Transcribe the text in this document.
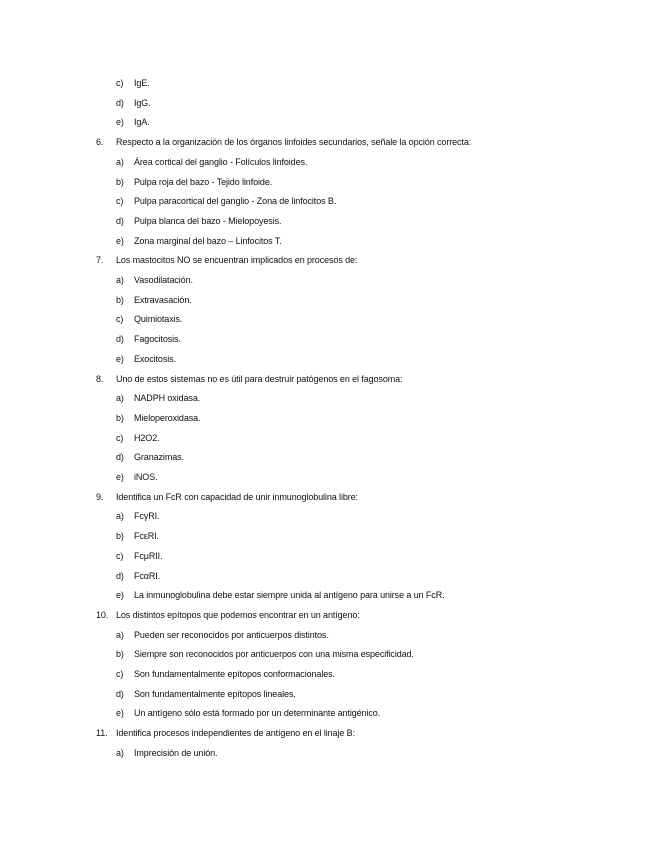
c) IgE.
d) IgG.
e) IgA.
6. Respecto a la organización de los órganos linfoides secundarios, señale la opción correcta:
a) Área cortical del ganglio - Folículos linfoides.
b) Pulpa roja del bazo - Tejido linfoide.
c) Pulpa paracortical del ganglio - Zona de linfocitos B.
d) Pulpa blanca del bazo - Mielopoyesis.
e) Zona marginal del bazo – Linfocitos T.
7. Los mastocitos NO se encuentran implicados en procesos de:
a) Vasodilatación.
b) Extravasación.
c) Quimiotaxis.
d) Fagocitosis.
e) Exocitosis.
8. Uno de estos sistemas no es útil para destruir patógenos en el fagosoma:
a) NADPH oxidasa.
b) Mieloperoxidasa.
c) H2O2.
d) Granazimas.
e) iNOS.
9. Identifica un FcR con capacidad de unir inmunoglobulina libre:
a) FcγRI.
b) FcεRI.
c) FcμRII.
d) FcαRI.
e) La inmunoglobulina debe estar siempre unida al antígeno para unirse a un FcR.
10. Los distintos epítopos que podemos encontrar en un antígeno:
a) Pueden ser reconocidos por anticuerpos distintos.
b) Siempre son reconocidos por anticuerpos con una misma especificidad.
c) Son fundamentalmente epítopos conformacionales.
d) Son fundamentalmente epítopos lineales.
e) Un antígeno sólo está formado por un determinante antigénico.
11. Identifica procesos independientes de antígeno en el linaje B:
a) Imprecisión de unión.
